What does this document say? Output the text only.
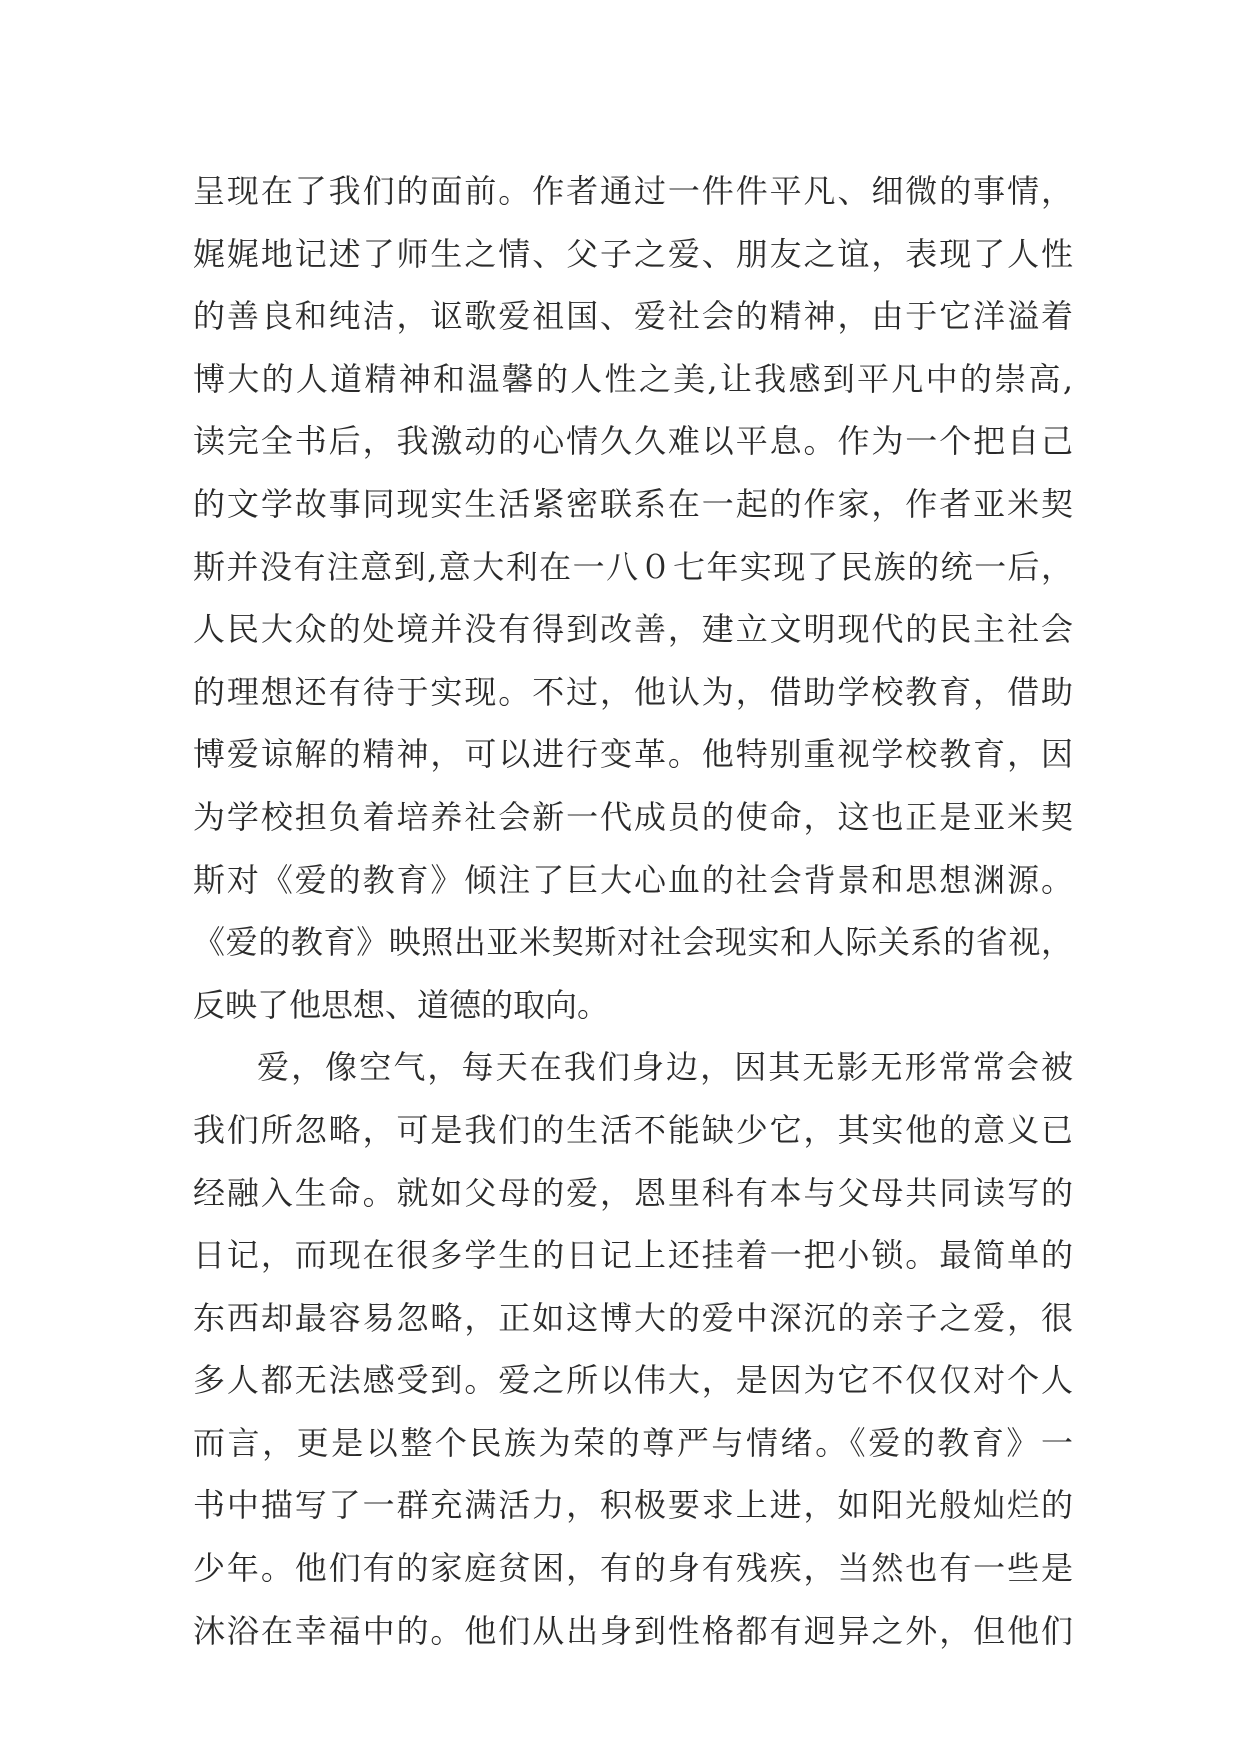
呈现在了我们的面前。作者通过一件件平凡、细微的事情，
娓娓地记述了师生之情、父子之爱、朋友之谊，表现了人性
的善良和纯洁，讴歌爱祖国、爱社会的精神，由于它洋溢着
博大的人道精神和温馨的人性之美,让我感到平凡中的崇高,
读完全书后，我激动的心情久久难以平息。作为一个把自己
的文学故事同现实生活紧密联系在一起的作家，作者亚米契
斯并没有注意到,意大利在一八０七年实现了民族的统一后，
人民大众的处境并没有得到改善，建立文明现代的民主社会
的理想还有待于实现。不过，他认为，借助学校教育，借助
博爱谅解的精神，可以进行变革。他特别重视学校教育，因
为学校担负着培养社会新一代成员的使命，这也正是亚米契
斯对《爱的教育》倾注了巨大心血的社会背景和思想渊源。
《爱的教育》映照出亚米契斯对社会现实和人际关系的省视，
反映了他思想、道德的取向。
爱，像空气，每天在我们身边，因其无影无形常常会被
我们所忽略，可是我们的生活不能缺少它，其实他的意义已
经融入生命。就如父母的爱，恩里科有本与父母共同读写的
日记，而现在很多学生的日记上还挂着一把小锁。最简单的
东西却最容易忽略，正如这博大的爱中深沉的亲子之爱，很
多人都无法感受到。爱之所以伟大，是因为它不仅仅对个人
而言，更是以整个民族为荣的尊严与情绪。《爱的教育》一
书中描写了一群充满活力，积极要求上进，如阳光般灿烂的
少年。他们有的家庭贫困，有的身有残疾，当然也有一些是
沐浴在幸福中的。他们从出身到性格都有迥异之外，但他们
